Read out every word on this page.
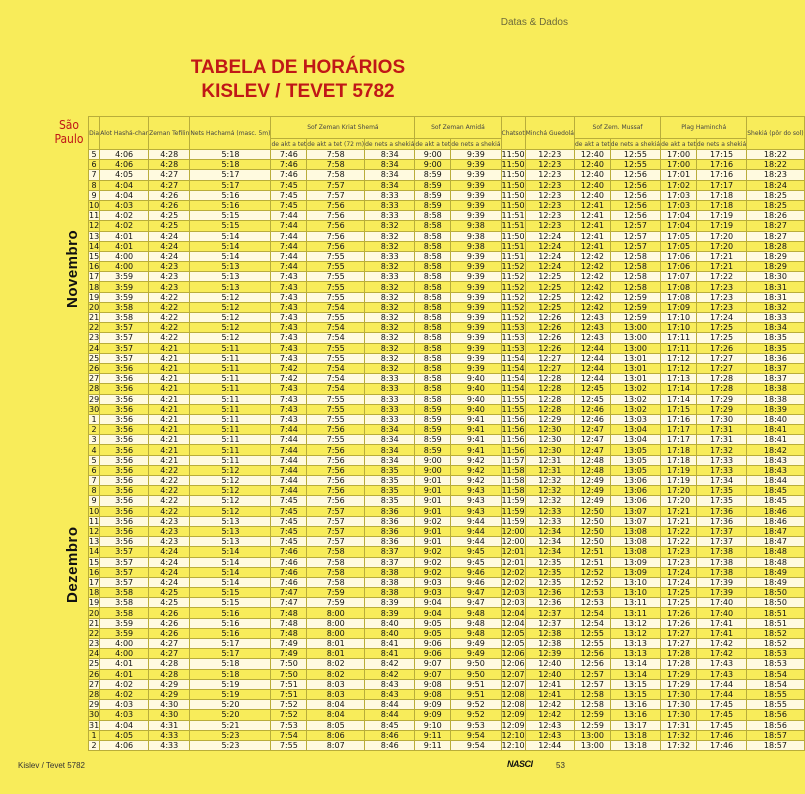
Datas & Dados
TABELA DE HORÁRIOS
KISLEV / TEVET 5782
São
Paulo
Novembro
Dezembro
Dia	Alot Hashá-char	Zeman Tefilin	Nets Hachamá (masc. 5m)	Sof Zeman Kriat Shemá			Sof Zeman Amidá		Chatsot	Minchá Guedolá	Sof Zem. Mussaf		Plag Haminchá		Shekiá (pôr do sol)
				de akt a tet	de akt a tet (72 m)	de nets a shekiá	de akt a tet	de nets a shekiá			de akt a tet	de nets a shekiá	de akt a tet	de nets a shekiá	
5	4:06	4:28	5:18	7:46	7:58	8:34	9:00	9:39	11:50	12:23	12:40	12:55	17:00	17:15	18:22
6	4:06	4:28	5:18	7:46	7:58	8:34	9:00	9:39	11:50	12:23	12:40	12:55	17:00	17:16	18:22
7	4:05	4:27	5:17	7:46	7:58	8:34	8:59	9:39	11:50	12:23	12:40	12:56	17:01	17:16	18:23
8	4:04	4:27	5:17	7:45	7:57	8:34	8:59	9:39	11:50	12:23	12:40	12:56	17:02	17:17	18:24
9	4:04	4:26	5:16	7:45	7:57	8:33	8:59	9:39	11:50	12:23	12:40	12:56	17:03	17:18	18:25
10	4:03	4:26	5:16	7:45	7:56	8:33	8:59	9:39	11:50	12:23	12:41	12:56	17:03	17:18	18:25
11	4:02	4:25	5:15	7:44	7:56	8:33	8:58	9:39	11:51	12:23	12:41	12:56	17:04	17:19	18:26
12	4:02	4:25	5:15	7:44	7:56	8:32	8:58	9:38	11:51	12:23	12:41	12:57	17:04	17:19	18:27
13	4:01	4:24	5:14	7:44	7:56	8:32	8:58	9:38	11:50	12:24	12:41	12:57	17:05	17:20	18:27
14	4:01	4:24	5:14	7:44	7:56	8:32	8:58	9:38	11:51	12:24	12:41	12:57	17:05	17:20	18:28
15	4:00	4:24	5:14	7:44	7:55	8:33	8:58	9:39	11:51	12:24	12:42	12:58	17:06	17:21	18:29
16	4:00	4:23	5:13	7:44	7:55	8:32	8:58	9:39	11:52	12:24	12:42	12:58	17:06	17:21	18:29
17	3:59	4:23	5:13	7:43	7:55	8:33	8:58	9:39	11:52	12:25	12:42	12:58	17:07	17:22	18:30
18	3:59	4:23	5:13	7:43	7:55	8:32	8:58	9:39	11:52	12:25	12:42	12:58	17:08	17:23	18:31
19	3:59	4:22	5:12	7:43	7:55	8:32	8:58	9:39	11:52	12:25	12:42	12:59	17:08	17:23	18:31
20	3:58	4:22	5:12	7:43	7:54	8:32	8:58	9:39	11:52	12:25	12:42	12:59	17:09	17:23	18:32
21	3:58	4:22	5:12	7:43	7:55	8:32	8:58	9:39	11:52	12:26	12:43	12:59	17:10	17:24	18:33
22	3:57	4:22	5:12	7:43	7:54	8:32	8:58	9:39	11:53	12:26	12:43	13:00	17:10	17:25	18:34
23	3:57	4:22	5:12	7:43	7:54	8:32	8:58	9:39	11:53	12:26	12:43	13:00	17:11	17:25	18:35
24	3:57	4:21	5:11	7:43	7:55	8:32	8:58	9:39	11:53	12:26	12:44	13:00	17:11	17:26	18:35
25	3:57	4:21	5:11	7:43	7:55	8:32	8:58	9:39	11:54	12:27	12:44	13:01	17:12	17:27	18:36
26	3:56	4:21	5:11	7:42	7:54	8:32	8:58	9:39	11:54	12:27	12:44	13:01	17:12	17:27	18:37
27	3:56	4:21	5:11	7:42	7:54	8:33	8:58	9:40	11:54	12:28	12:44	13:01	17:13	17:28	18:37
28	3:56	4:21	5:11	7:43	7:54	8:33	8:58	9:40	11:54	12:28	12:45	13:02	17:14	17:28	18:38
29	3:56	4:21	5:11	7:43	7:55	8:33	8:58	9:40	11:55	12:28	12:45	13:02	17:14	17:29	18:38
30	3:56	4:21	5:11	7:43	7:55	8:33	8:59	9:40	11:55	12:28	12:46	13:02	17:15	17:29	18:39
1	3:56	4:21	5:11	7:43	7:55	8:33	8:59	9:41	11:56	12:29	12:46	13:03	17:16	17:30	18:40
2	3:56	4:21	5:11	7:44	7:56	8:34	8:59	9:41	11:56	12:30	12:47	13:04	17:17	17:31	18:41
3	3:56	4:21	5:11	7:44	7:55	8:34	8:59	9:41	11:56	12:30	12:47	13:04	17:17	17:31	18:41
4	3:56	4:21	5:11	7:44	7:56	8:34	8:59	9:41	11:56	12:30	12:47	13:05	17:18	17:32	18:42
5	3:56	4:21	5:11	7:44	7:56	8:34	9:00	9:42	11:57	12:31	12:48	13:05	17:18	17:33	18:43
6	3:56	4:22	5:12	7:44	7:56	8:35	9:00	9:42	11:58	12:31	12:48	13:05	17:19	17:33	18:43
7	3:56	4:22	5:12	7:44	7:56	8:35	9:01	9:42	11:58	12:32	12:49	13:06	17:19	17:34	18:44
8	3:56	4:22	5:12	7:44	7:56	8:35	9:01	9:43	11:58	12:32	12:49	13:06	17:20	17:35	18:45
9	3:56	4:22	5:12	7:45	7:56	8:35	9:01	9:43	11:59	12:32	12:49	13:06	17:20	17:35	18:45
10	3:56	4:22	5:12	7:45	7:57	8:36	9:01	9:43	11:59	12:33	12:50	13:07	17:21	17:36	18:46
11	3:56	4:23	5:13	7:45	7:57	8:36	9:02	9:44	11:59	12:33	12:50	13:07	17:21	17:36	18:46
12	3:56	4:23	5:13	7:45	7:57	8:36	9:01	9:44	12:00	12:34	12:50	13:08	17:22	17:37	18:47
13	3:56	4:23	5:13	7:45	7:57	8:36	9:01	9:44	12:00	12:34	12:50	13:08	17:22	17:37	18:47
14	3:57	4:24	5:14	7:46	7:58	8:37	9:02	9:45	12:01	12:34	12:51	13:08	17:23	17:38	18:48
15	3:57	4:24	5:14	7:46	7:58	8:37	9:02	9:45	12:01	12:35	12:51	13:09	17:23	17:38	18:48
16	3:57	4:24	5:14	7:46	7:58	8:38	9:02	9:46	12:02	12:35	12:52	13:09	17:24	17:38	18:49
17	3:57	4:24	5:14	7:46	7:58	8:38	9:03	9:46	12:02	12:35	12:52	13:10	17:24	17:39	18:49
18	3:58	4:25	5:15	7:47	7:59	8:38	9:03	9:47	12:03	12:36	12:53	13:10	17:25	17:39	18:50
19	3:58	4:25	5:15	7:47	7:59	8:39	9:04	9:47	12:03	12:36	12:53	13:11	17:25	17:40	18:50
20	3:58	4:26	5:16	7:48	8:00	8:39	9:04	9:48	12:04	12:37	12:54	13:11	17:26	17:40	18:51
21	3:59	4:26	5:16	7:48	8:00	8:40	9:05	9:48	12:04	12:37	12:54	13:12	17:26	17:41	18:51
22	3:59	4:26	5:16	7:48	8:00	8:40	9:05	9:48	12:05	12:38	12:55	13:12	17:27	17:41	18:52
23	4:00	4:27	5:17	7:49	8:01	8:41	9:06	9:49	12:05	12:38	12:55	13:13	17:27	17:42	18:52
24	4:00	4:27	5:17	7:49	8:01	8:41	9:06	9:49	12:06	12:39	12:56	13:13	17:28	17:42	18:53
25	4:01	4:28	5:18	7:50	8:02	8:42	9:07	9:50	12:06	12:40	12:56	13:14	17:28	17:43	18:53
26	4:01	4:28	5:18	7:50	8:02	8:42	9:07	9:50	12:07	12:40	12:57	13:14	17:29	17:43	18:54
27	4:02	4:29	5:19	7:51	8:03	8:43	9:08	9:51	12:07	12:41	12:57	13:15	17:29	17:44	18:54
28	4:02	4:29	5:19	7:51	8:03	8:43	9:08	9:51	12:08	12:41	12:58	13:15	17:30	17:44	18:55
29	4:03	4:30	5:20	7:52	8:04	8:44	9:09	9:52	12:08	12:42	12:58	13:16	17:30	17:45	18:55
30	4:03	4:30	5:20	7:52	8:04	8:44	9:09	9:52	12:09	12:42	12:59	13:16	17:30	17:45	18:56
31	4:04	4:31	5:21	7:53	8:05	8:45	9:10	9:53	12:09	12:43	12:59	13:17	17:31	17:45	18:56
1	4:05	4:33	5:23	7:54	8:06	8:46	9:11	9:54	12:10	12:43	13:00	13:18	17:32	17:46	18:57
2	4:06	4:33	5:23	7:55	8:07	8:46	9:11	9:54	12:10	12:44	13:00	13:18	17:32	17:46	18:57
Kislev / Tevet 5782	NASCI	53
